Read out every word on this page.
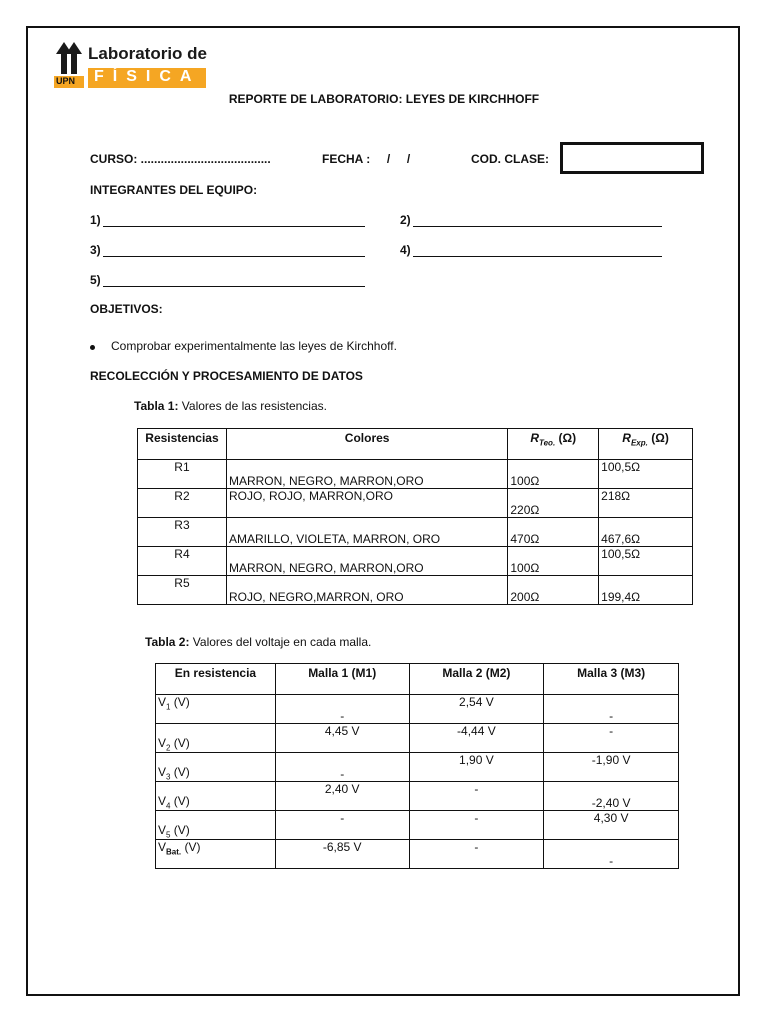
UPN
Laboratorio de
FÍSICA
REPORTE DE LABORATORIO: LEYES DE KIRCHHOFF
CURSO: .......................................	FECHA :     /     /	COD. CLASE:
INTEGRANTES DEL EQUIPO:
1)	2)
3)	4)
5)
OBJETIVOS:
Comprobar experimentalmente las leyes de Kirchhoff.
RECOLECCIÓN Y PROCESAMIENTO DE DATOS
Tabla 1: Valores de las resistencias.
Resistencias	Colores	$R_{Teo.}$ (Ω)	$R_{Exp.}$ (Ω)
R1	MARRON, NEGRO, MARRON,ORO	100Ω	100,5Ω
R2	ROJO, ROJO, MARRON,ORO	220Ω	218Ω
R3	AMARILLO, VIOLETA, MARRON, ORO	470Ω	467,6Ω
R4	MARRON, NEGRO, MARRON,ORO	100Ω	100,5Ω
R5	ROJO, NEGRO,MARRON, ORO	200Ω	199,4Ω
Tabla 2: Valores del voltaje en cada malla.
En resistencia	Malla 1 (M1)	Malla 2 (M2)	Malla 3 (M3)
$V_1$ (V)	-	2,54 V	-
$V_2$ (V)	4,45 V	-4,44 V	-
$V_3$ (V)	-	1,90 V	-1,90 V
$V_4$ (V)	2,40 V	-	-2,40 V
$V_5$ (V)	-	-	4,30 V
$V_{Bat.}$ (V)	-6,85 V	-	-
